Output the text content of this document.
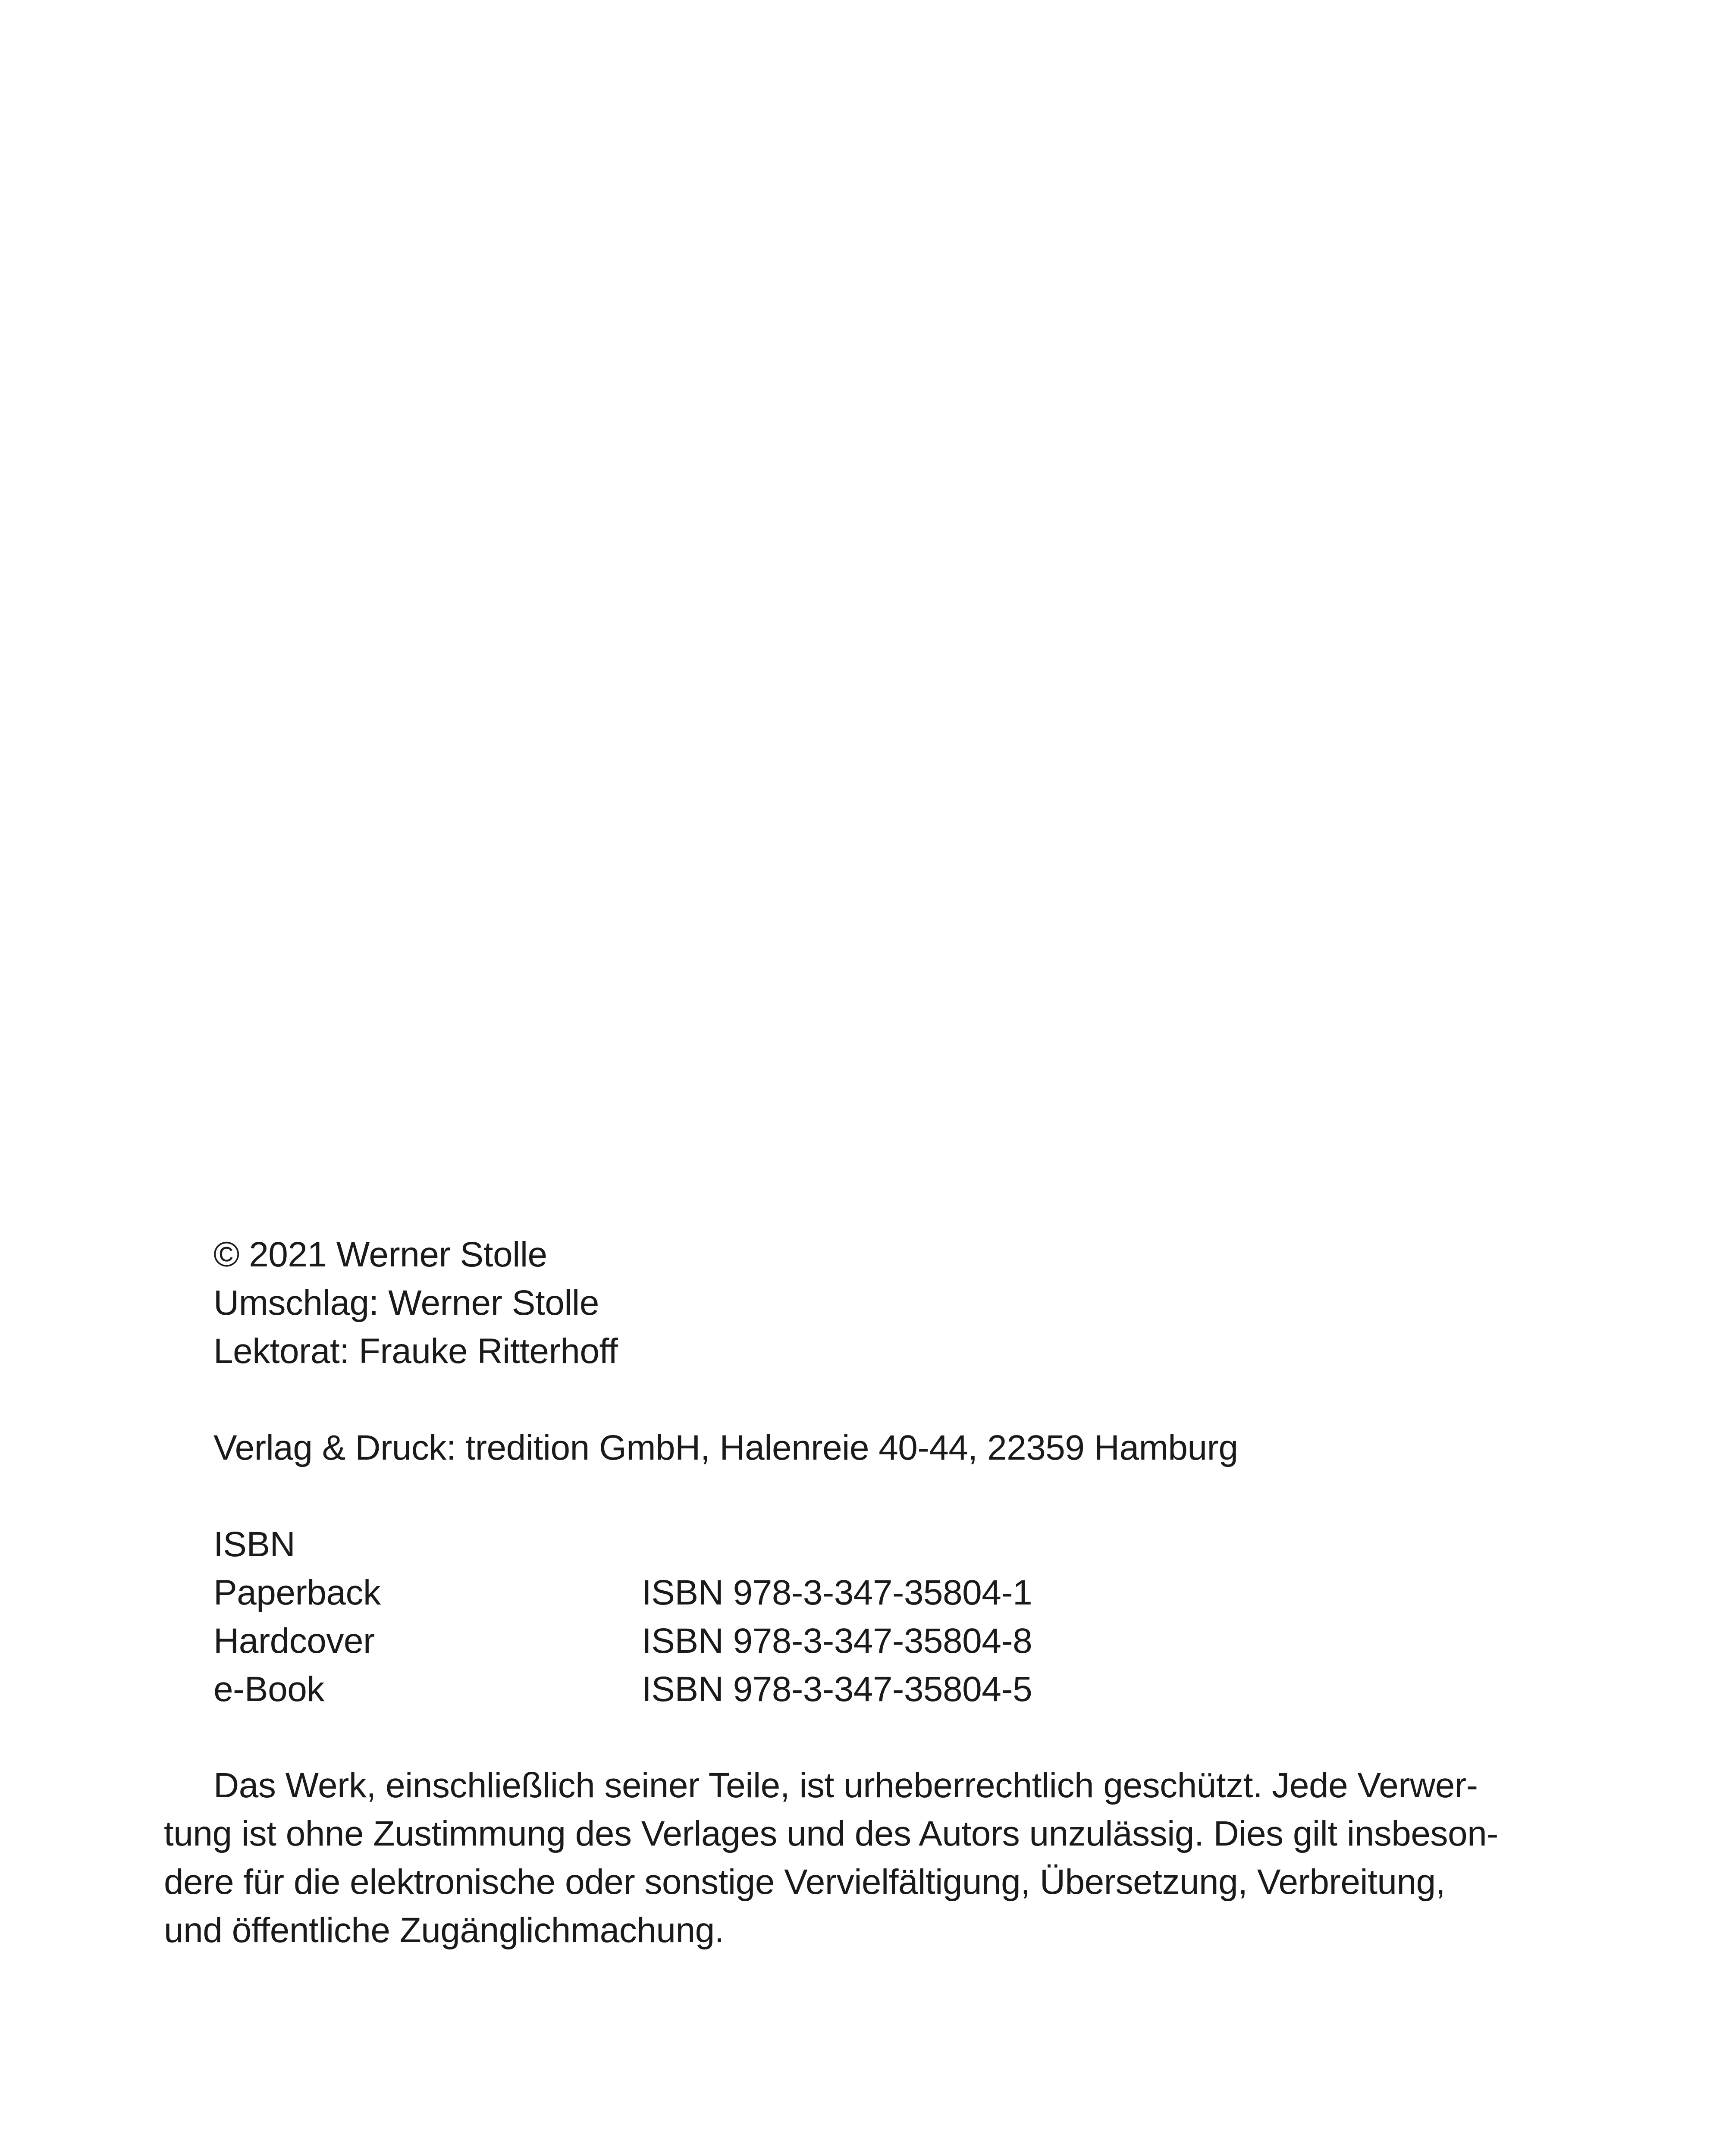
© 2021 Werner Stolle
Umschlag: Werner Stolle
Lektorat: Frauke Ritterhoff
Verlag & Druck: tredition GmbH, Halenreie 40-44, 22359 Hamburg
ISBN
Paperback	ISBN 978-3-347-35804-1
Hardcover	ISBN 978-3-347-35804-8
e-Book	ISBN 978-3-347-35804-5
Das Werk, einschließlich seiner Teile, ist urheberrechtlich geschützt. Jede Verwer-
tung ist ohne Zustimmung des Verlages und des Autors unzulässig. Dies gilt insbeson-
dere für die elektronische oder sonstige Vervielfältigung, Übersetzung, Verbreitung,
und öffentliche Zugänglichmachung.
